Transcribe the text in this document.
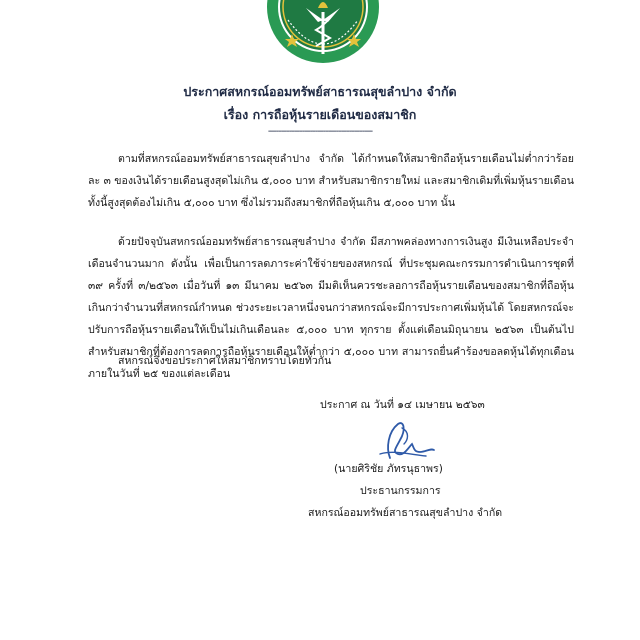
ประกาศสหกรณ์ออมทรัพย์สาธารณสุขลำปาง จำกัด
เรื่อง การถือหุ้นรายเดือนของสมาชิก
----------------------------------------

ตามที่สหกรณ์ออมทรัพย์สาธารณสุขลำปาง จำกัด ได้กำหนดให้สมาชิกถือหุ้นรายเดือนไม่ต่ำกว่าร้อยละ ๓ ของเงินได้รายเดือนสูงสุดไม่เกิน ๕,๐๐๐ บาท สำหรับสมาชิกรายใหม่ และสมาชิกเดิมที่เพิ่มหุ้นรายเดือน ทั้งนี้สูงสุดต้องไม่เกิน ๕,๐๐๐ บาท ซึ่งไม่รวมถึงสมาชิกที่ถือหุ้นเกิน ๕,๐๐๐ บาท นั้น

ด้วยปัจจุบันสหกรณ์ออมทรัพย์สาธารณสุขลำปาง จำกัด มีสภาพคล่องทางการเงินสูง มีเงินเหลือประจำเดือนจำนวนมาก ดังนั้น เพื่อเป็นการลดภาระค่าใช้จ่ายของสหกรณ์ ที่ประชุมคณะกรรมการดำเนินการชุดที่ ๓๙ ครั้งที่ ๓/๒๕๖๓ เมื่อวันที่ ๑๓ มีนาคม ๒๕๖๓ มีมติเห็นควรชะลอการถือหุ้นรายเดือนของสมาชิกที่ถือหุ้นเกินกว่าจำนวนที่สหกรณ์กำหนด ช่วงระยะเวลาหนึ่งจนกว่าสหกรณ์จะมีการประกาศเพิ่มหุ้นได้ โดยสหกรณ์จะปรับการถือหุ้นรายเดือนให้เป็นไม่เกินเดือนละ ๕,๐๐๐ บาท ทุกราย ตั้งแต่เดือนมิถุนายน ๒๕๖๓ เป็นต้นไป สำหรับสมาชิกที่ต้องการลดการถือหุ้นรายเดือนให้ต่ำกว่า ๕,๐๐๐ บาท สามารถยื่นคำร้องขอลดหุ้นได้ทุกเดือนภายในวันที่ ๒๕ ของแต่ละเดือน

สหกรณ์จึงขอประกาศให้สมาชิกทราบโดยทั่วกัน

ประกาศ ณ วันที่ ๑๔ เมษายน ๒๕๖๓
(นายศิริชัย ภัทรนุธาพร)
ประธานกรรมการ
สหกรณ์ออมทรัพย์สาธารณสุขลำปาง จำกัด
